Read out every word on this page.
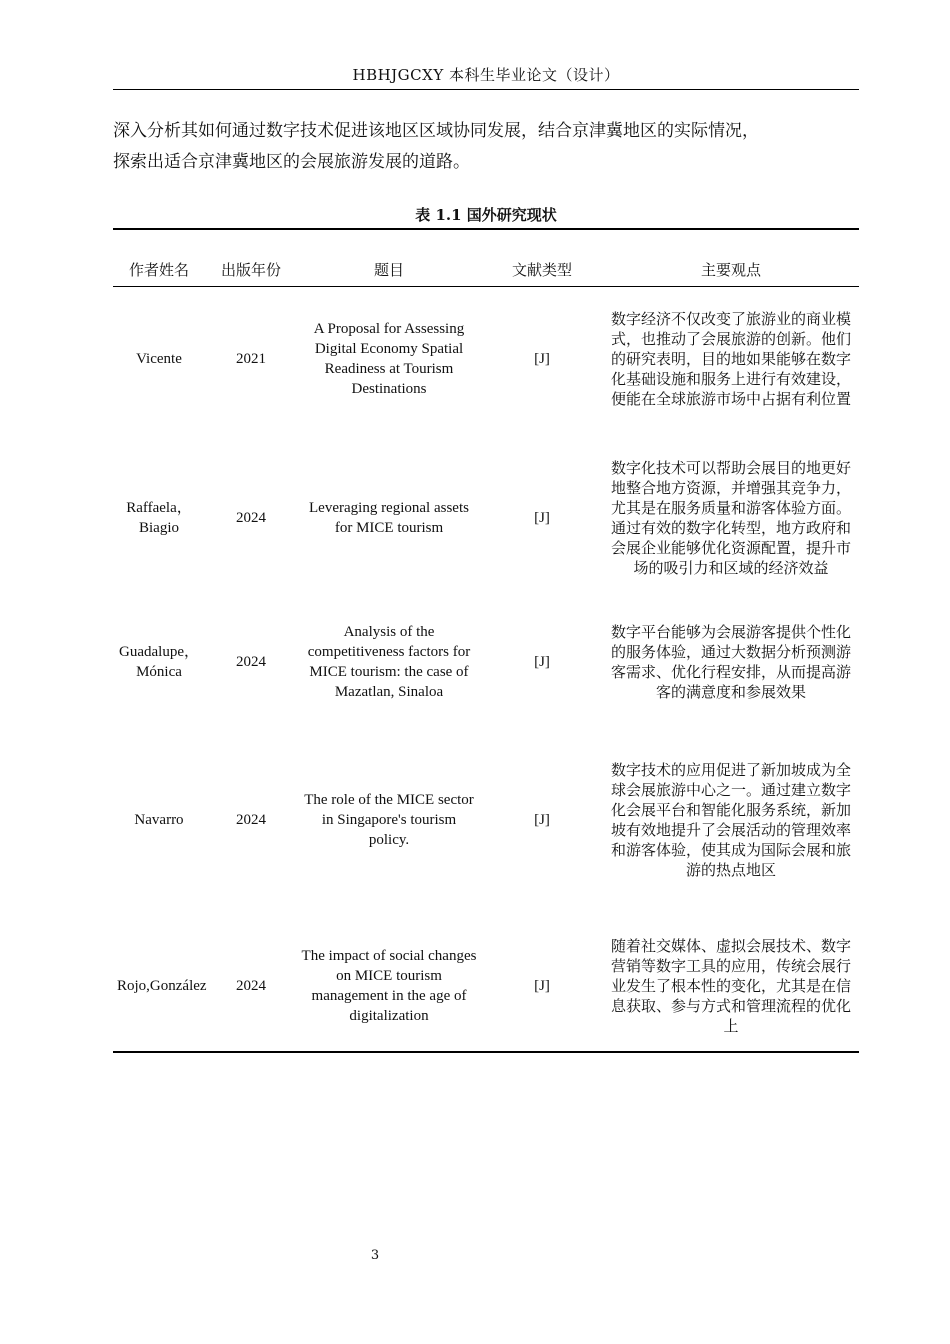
HBHJGCXY 本科生毕业论文（设计）

深入分析其如何通过数字技术促进该地区区域协同发展，结合京津冀地区的实际情况，

探索出适合京津冀地区的会展旅游发展的道路。

表 1.1 国外研究现状
作者姓名	出版年份	题目	文献类型	主要观点
Vicente	2021	A Proposal for Assessing Digital Economy Spatial Readiness at Tourism Destinations	[J]	数字经济不仅改变了旅游业的商业模式，也推动了会展旅游的创新。他们的研究表明，目的地如果能够在数字化基础设施和服务上进行有效建设，便能在全球旅游市场中占据有利位置
Raffaela，Biagio	2024	Leveraging regional assets for MICE tourism	[J]	数字化技术可以帮助会展目的地更好地整合地方资源，并增强其竞争力，尤其是在服务质量和游客体验方面。通过有效的数字化转型，地方政府和会展企业能够优化资源配置，提升市场的吸引力和区域的经济效益
Guadalupe，Mónica	2024	Analysis of the competitiveness factors for MICE tourism: the case of Mazatlan, Sinaloa	[J]	数字平台能够为会展游客提供个性化的服务体验，通过大数据分析预测游客需求、优化行程安排，从而提高游客的满意度和参展效果
Navarro	2024	The role of the MICE sector in Singapore's tourism policy.	[J]	数字技术的应用促进了新加坡成为全球会展旅游中心之一。通过建立数字化会展平台和智能化服务系统，新加坡有效地提升了会展活动的管理效率和游客体验，使其成为国际会展和旅游的热点地区
Rojo,González	2024	The impact of social changes on MICE tourism management in the age of digitalization	[J]	随着社交媒体、虚拟会展技术、数字营销等数字工具的应用，传统会展行业发生了根本性的变化，尤其是在信息获取、参与方式和管理流程的优化上
3
